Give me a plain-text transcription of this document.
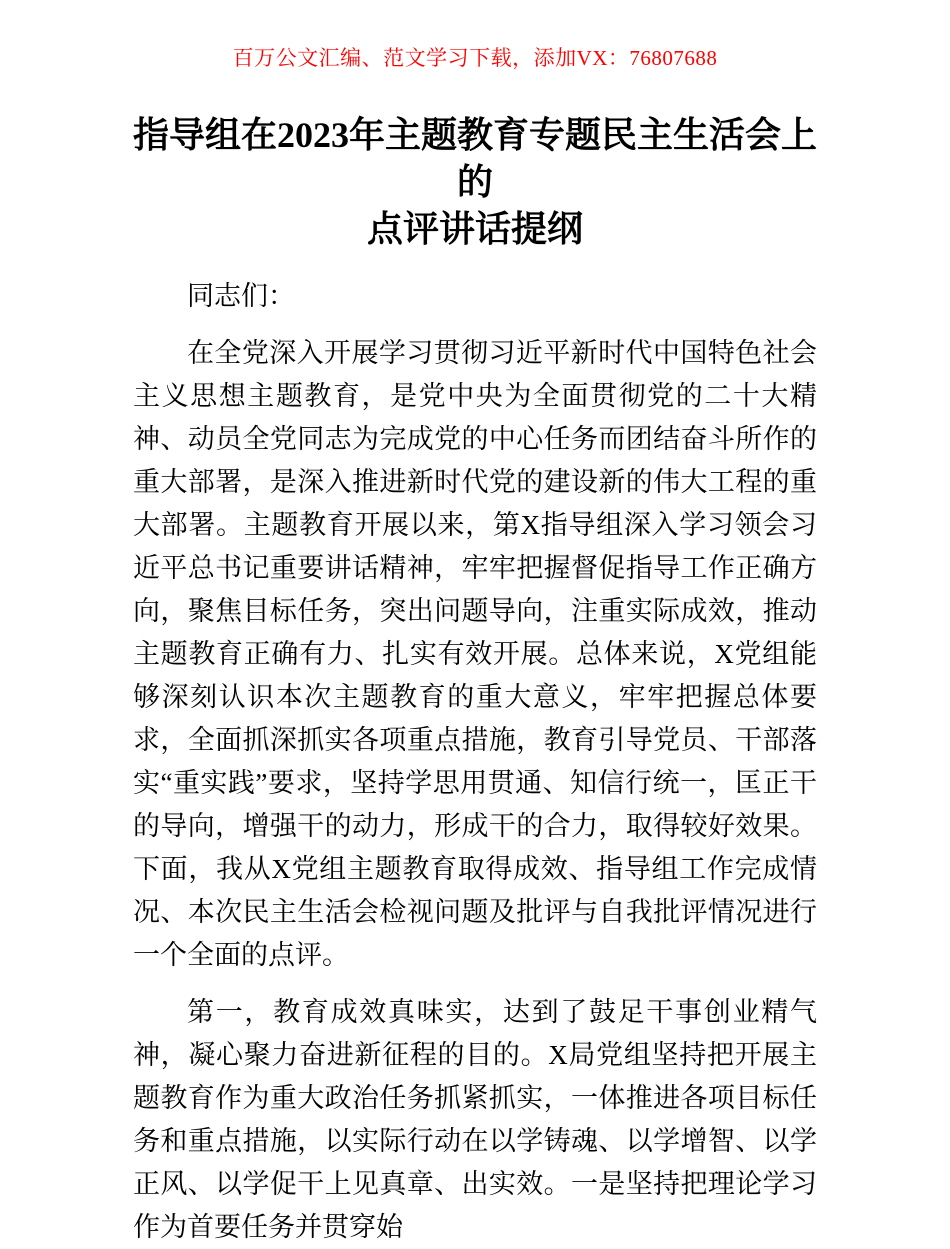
百万公文汇编、范文学习下载，添加VX：76807688
指导组在2023年主题教育专题民主生活会上的
点评讲话提纲

同志们：

在全党深入开展学习贯彻习近平新时代中国特色社会主义思想主题教育，是党中央为全面贯彻党的二十大精神、动员全党同志为完成党的中心任务而团结奋斗所作的重大部署，是深入推进新时代党的建设新的伟大工程的重大部署。主题教育开展以来，第X指导组深入学习领会习近平总书记重要讲话精神，牢牢把握督促指导工作正确方向，聚焦目标任务，突出问题导向，注重实际成效，推动主题教育正确有力、扎实有效开展。总体来说，X党组能够深刻认识本次主题教育的重大意义，牢牢把握总体要求，全面抓深抓实各项重点措施，教育引导党员、干部落实“重实践”要求，坚持学思用贯通、知信行统一，匡正干的导向，增强干的动力，形成干的合力，取得较好效果。下面，我从X党组主题教育取得成效、指导组工作完成情况、本次民主生活会检视问题及批评与自我批评情况进行一个全面的点评。

第一，教育成效真味实，达到了鼓足干事创业精气神，凝心聚力奋进新征程的目的。X局党组坚持把开展主题教育作为重大政治任务抓紧抓实，一体推进各项目标任务和重点措施，以实际行动在以学铸魂、以学增智、以学正风、以学促干上见真章、出实效。一是坚持把理论学习作为首要任务并贯穿始
